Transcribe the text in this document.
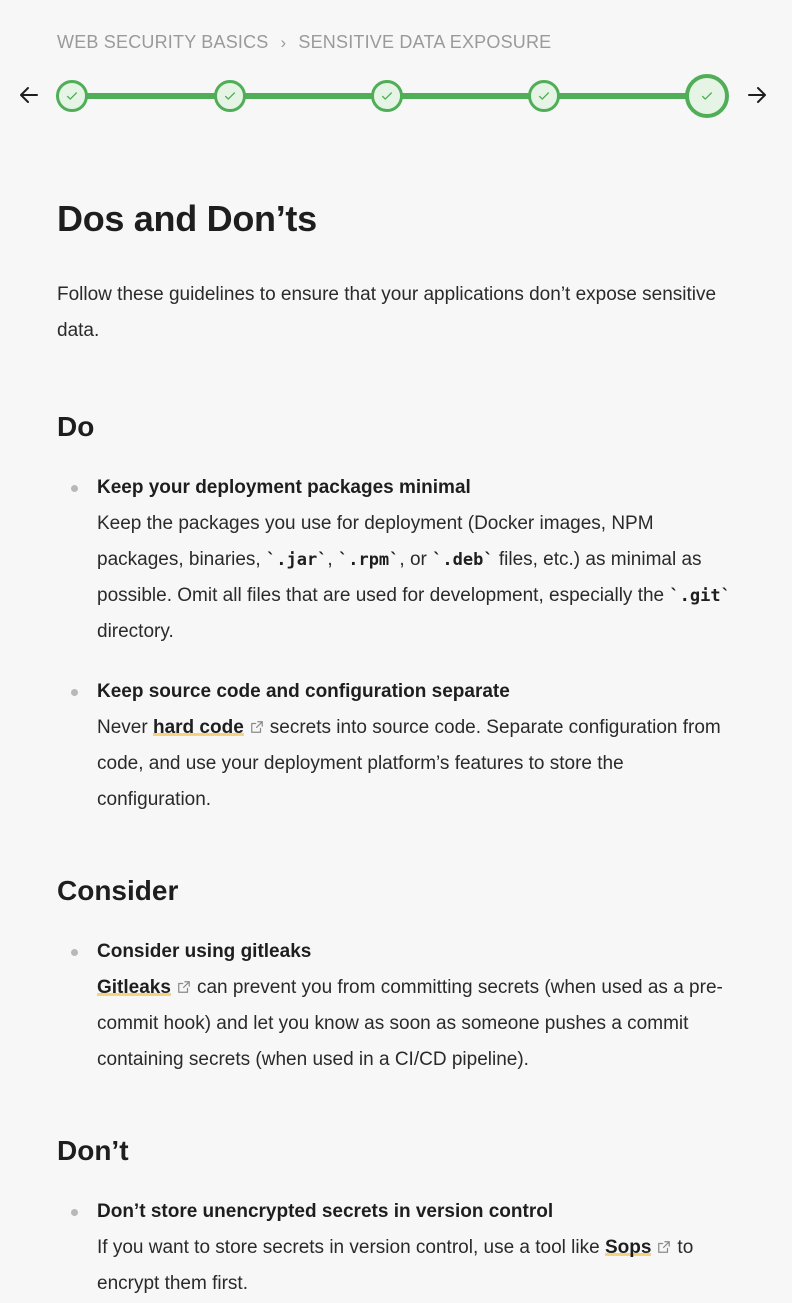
WEB SECURITY BASICS › SENSITIVE DATA EXPOSURE
Dos and Don’ts

Follow these guidelines to ensure that your applications don’t expose sensitive data.

Do
Keep your deployment packages minimal
Keep the packages you use for deployment (Docker images, NPM packages, binaries, `.jar`, `.rpm`, or `.deb` files, etc.) as minimal as possible. Omit all files that are used for development, especially the `.git` directory.
Keep source code and configuration separate
Never hard code secrets into source code. Separate configuration from code, and use your deployment platform’s features to store the configuration.
Consider
Consider using gitleaks
Gitleaks can prevent you from committing secrets (when used as a pre-commit hook) and let you know as soon as someone pushes a commit containing secrets (when used in a CI/CD pipeline).
Don’t
Don’t store unencrypted secrets in version control
If you want to store secrets in version control, use a tool like Sops to encrypt them first.
